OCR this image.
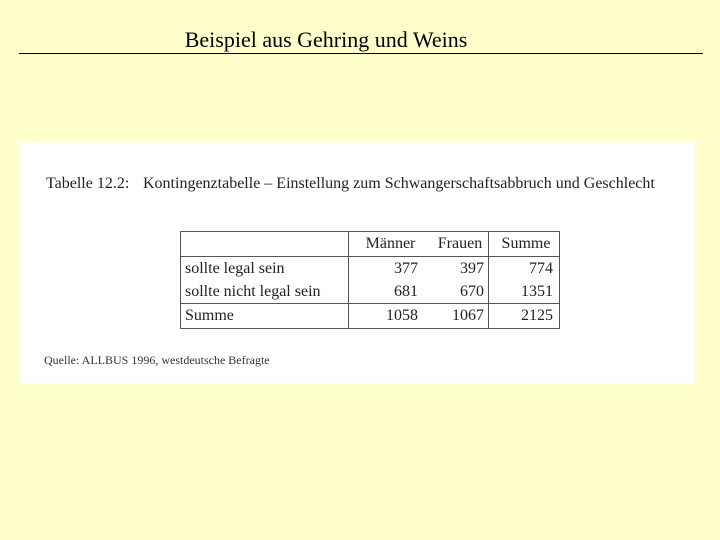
Beispiel aus Gehring und Weins
Tabelle 12.2: Kontingenztabelle – Einstellung zum Schwangerschaftsabbruch und Geschlecht
	Männer	Frauen	Summe
sollte legal sein	377	397	774
sollte nicht legal sein	681	670	1351
Summe	1058	1067	2125
Quelle: ALLBUS 1996, westdeutsche Befragte
